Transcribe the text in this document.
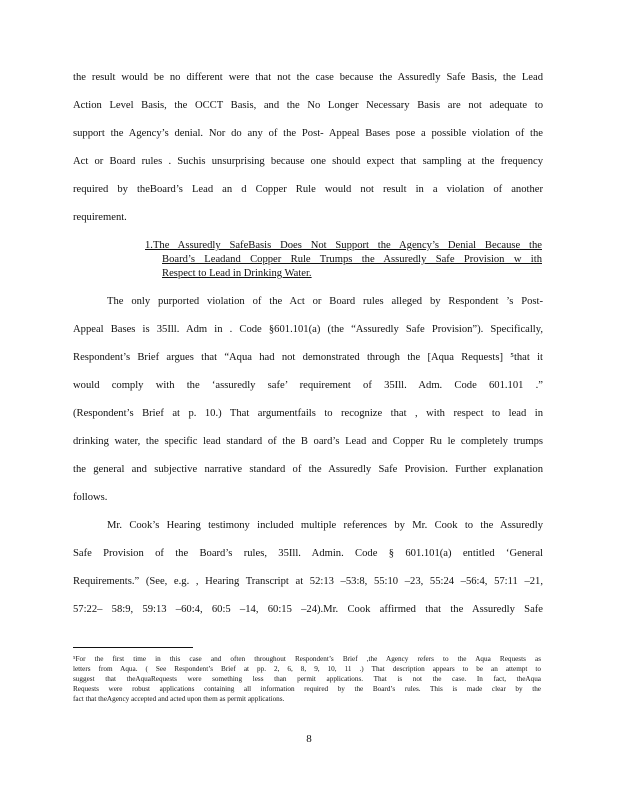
the result would be no different were that not the case because the Assuredly Safe Basis, the Lead
Action Level Basis, the OCCT Basis, and the No Longer Necessary Basis are not adequate to
support the Agency’s denial. Nor do any of the Post- Appeal Bases pose a possible violation of the
Act or Board rules . Suchis unsurprising because one should expect that sampling at the frequency
required by theBoard’s Lead an d Copper Rule would not result in a violation of another
requirement.
1.The Assuredly SafeBasis Does Not Support the Agency’s Denial Because the
Board’s Leadand Copper Rule Trumps the Assuredly Safe Provision w ith
Respect to Lead in Drinking Water.
The only purported violation of the Act or Board rules alleged by Respondent ’s Post-
Appeal Bases is 35Ill. Adm in . Code §601.101(a) (the “Assuredly Safe Provision”). Specifically,
Respondent’s Brief argues that “Aqua had not demonstrated through the [Aqua Requests] ⁵that it
would comply with the ‘assuredly safe’ requirement of 35Ill. Adm. Code 601.101 .”
(Respondent’s Brief at p. 10.) That argumentfails to recognize that , with respect to lead in
drinking water, the specific lead standard of the B oard’s Lead and Copper Ru le completely trumps
the general and subjective narrative standard of the Assuredly Safe Provision. Further explanation
follows.
Mr. Cook’s Hearing testimony included multiple references by Mr. Cook to the Assuredly
Safe Provision of the Board’s rules, 35Ill. Admin. Code § 601.101(a) entitled ‘General
Requirements.” (See, e.g. , Hearing Transcript at 52:13 –53:8, 55:10 –23, 55:24 –56:4, 57:11 –21,
57:22– 58:9, 59:13 –60:4, 60:5 –14, 60:15 –24).Mr. Cook affirmed that the Assuredly Safe
⁵For the first time in this case and often throughout Respondent’s Brief ,the Agency refers to the Aqua Requests as
letters from Aqua. ( See Respondent’s Brief at pp. 2, 6, 8, 9, 10, 11 .) That description appears to be an attempt to
suggest that theAquaRequests were something less than permit applications. That is not the case. In fact, theAqua
Requests were robust applications containing all information required by the Board’s rules. This is made clear by the
fact that theAgency accepted and acted upon them as permit applications.
8
